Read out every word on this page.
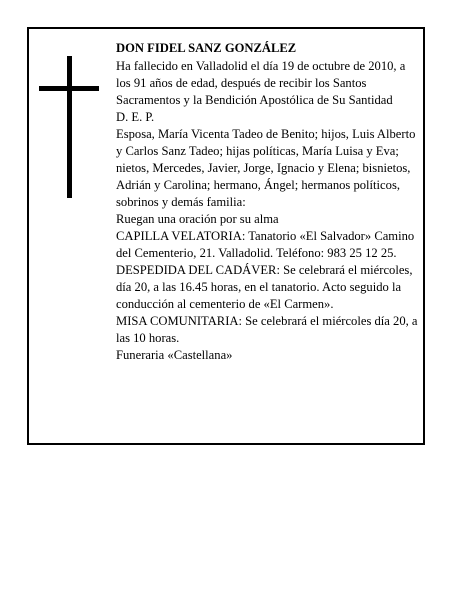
DON FIDEL SANZ GONZÁLEZ

Ha fallecido en Valladolid el día 19 de octubre de 2010, a los 91 años de edad, después de recibir los Santos Sacramentos y la Bendición Apostólica de Su Santidad

D. E. P.

Esposa, María Vicenta Tadeo de Benito; hijos, Luis Alberto y Carlos Sanz Tadeo; hijas políticas, María Luisa y Eva; nietos, Mercedes, Javier, Jorge, Ignacio y Elena; bisnietos, Adrián y Carolina; hermano, Ángel; hermanos políticos, sobrinos y demás familia:

Ruegan una oración por su alma

CAPILLA VELATORIA: Tanatorio «El Salvador» Camino del Cementerio, 21. Valladolid. Teléfono: 983 25 12 25.

DESPEDIDA DEL CADÁVER: Se celebrará el miércoles, día 20, a las 16.45 horas, en el tanatorio. Acto seguido la conducción al cementerio de «El Carmen».

MISA COMUNITARIA: Se celebrará el miércoles día 20, a las 10 horas.

Funeraria «Castellana»
